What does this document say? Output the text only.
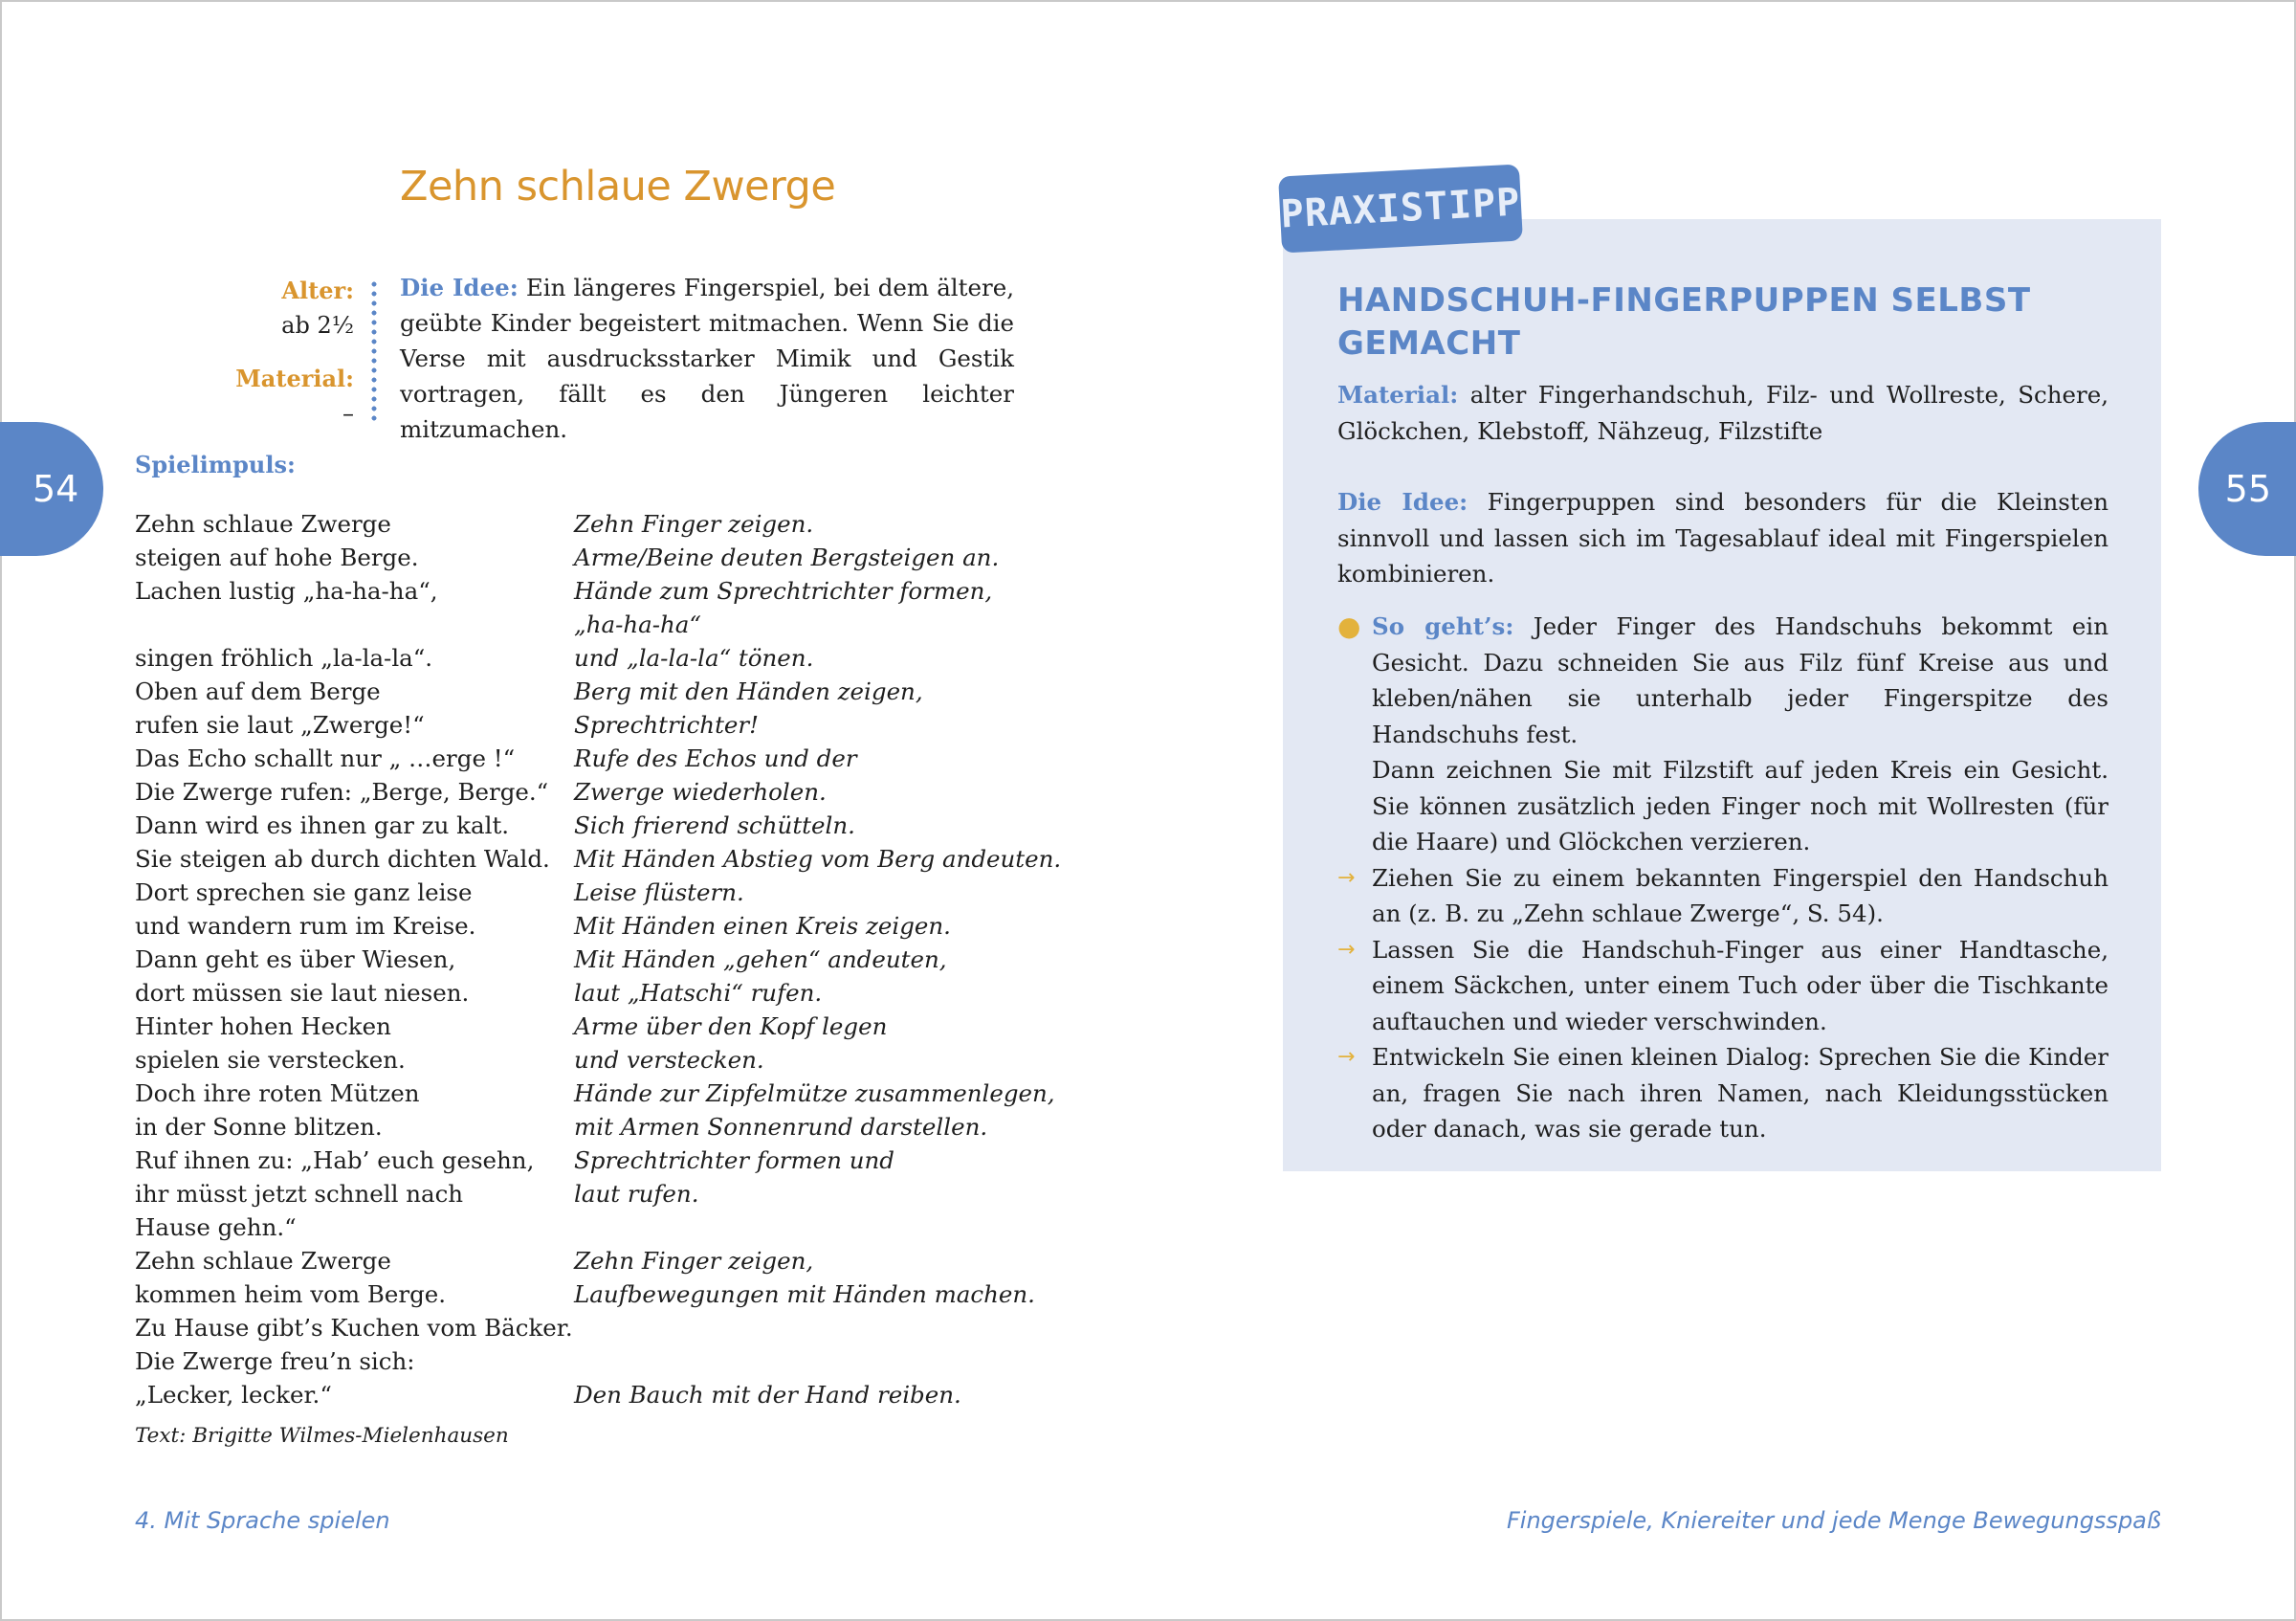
54
Zehn schlaue Zwerge
Alter:
ab 2½
Material:
–
Die Idee: Ein längeres Fingerspiel, bei dem ältere, geübte Kinder begeistert mitmachen. Wenn Sie die Verse mit ausdrucksstarker Mimik und Gestik vortragen, fällt es den Jüngeren leichter mitzumachen.
Spielimpuls:
Zehn schlaue Zwerge
steigen auf hohe Berge.
Lachen lustig „ha-ha-ha“,
singen fröhlich „la-la-la“.
Oben auf dem Berge
rufen sie laut „Zwerge!“
Das Echo schallt nur „ …erge !“
Die Zwerge rufen: „Berge, Berge.“
Dann wird es ihnen gar zu kalt.
Sie steigen ab durch dichten Wald.
Dort sprechen sie ganz leise
und wandern rum im Kreise.
Dann geht es über Wiesen,
dort müssen sie laut niesen.
Hinter hohen Hecken
spielen sie verstecken.
Doch ihre roten Mützen
in der Sonne blitzen.
Ruf ihnen zu: „Hab’ euch gesehn,
ihr müsst jetzt schnell nach
Hause gehn.“
Zehn schlaue Zwerge
kommen heim vom Berge.
Zu Hause gibt’s Kuchen vom Bäcker.
Die Zwerge freu’n sich:
„Lecker, lecker.“
Zehn Finger zeigen.
Arme/Beine deuten Bergsteigen an.
Hände zum Sprechtrichter formen,
„ha-ha-ha“
und „la-la-la“ tönen.
Berg mit den Händen zeigen,
Sprechtrichter!
Rufe des Echos und der
Zwerge wiederholen.
Sich frierend schütteln.
Mit Händen Abstieg vom Berg andeuten.
Leise flüstern.
Mit Händen einen Kreis zeigen.
Mit Händen „gehen“ andeuten,
laut „Hatschi“ rufen.
Arme über den Kopf legen
und verstecken.
Hände zur Zipfelmütze zusammenlegen,
mit Armen Sonnenrund darstellen.
Sprechtrichter formen und
laut rufen.
Zehn Finger zeigen,
Laufbewegungen mit Händen machen.
Den Bauch mit der Hand reiben.
Text: Brigitte Wilmes-Mielenhausen
4. Mit Sprache spielen
55
PRAXISTIPP
HANDSCHUH-FINGERPUPPEN SELBST GEMACHT
Material: alter Fingerhandschuh, Filz- und Wollreste, Schere, Glöckchen, Klebstoff, Nähzeug, Filzstifte
Die Idee: Fingerpuppen sind besonders für die Kleinsten sinnvoll und lassen sich im Tagesablauf ideal mit Fingerspielen kombinieren.
● So geht’s: Jeder Finger des Handschuhs bekommt ein Gesicht. Dazu schneiden Sie aus Filz fünf Kreise aus und kleben/nähen sie unterhalb jeder Fingerspitze des Handschuhs fest.
Dann zeichnen Sie mit Filzstift auf jeden Kreis ein Gesicht. Sie können zusätzlich jeden Finger noch mit Wollresten (für die Haare) und Glöckchen verzieren.
→ Ziehen Sie zu einem bekannten Fingerspiel den Handschuh an (z. B. zu „Zehn schlaue Zwerge“, S. 54).
→ Lassen Sie die Handschuh-Finger aus einer Handtasche, einem Säckchen, unter einem Tuch oder über die Tischkante auftauchen und wieder verschwinden.
→ Entwickeln Sie einen kleinen Dialog: Sprechen Sie die Kinder an, fragen Sie nach ihren Namen, nach Kleidungsstücken oder danach, was sie gerade tun.
Fingerspiele, Kniereiter und jede Menge Bewegungsspaß
